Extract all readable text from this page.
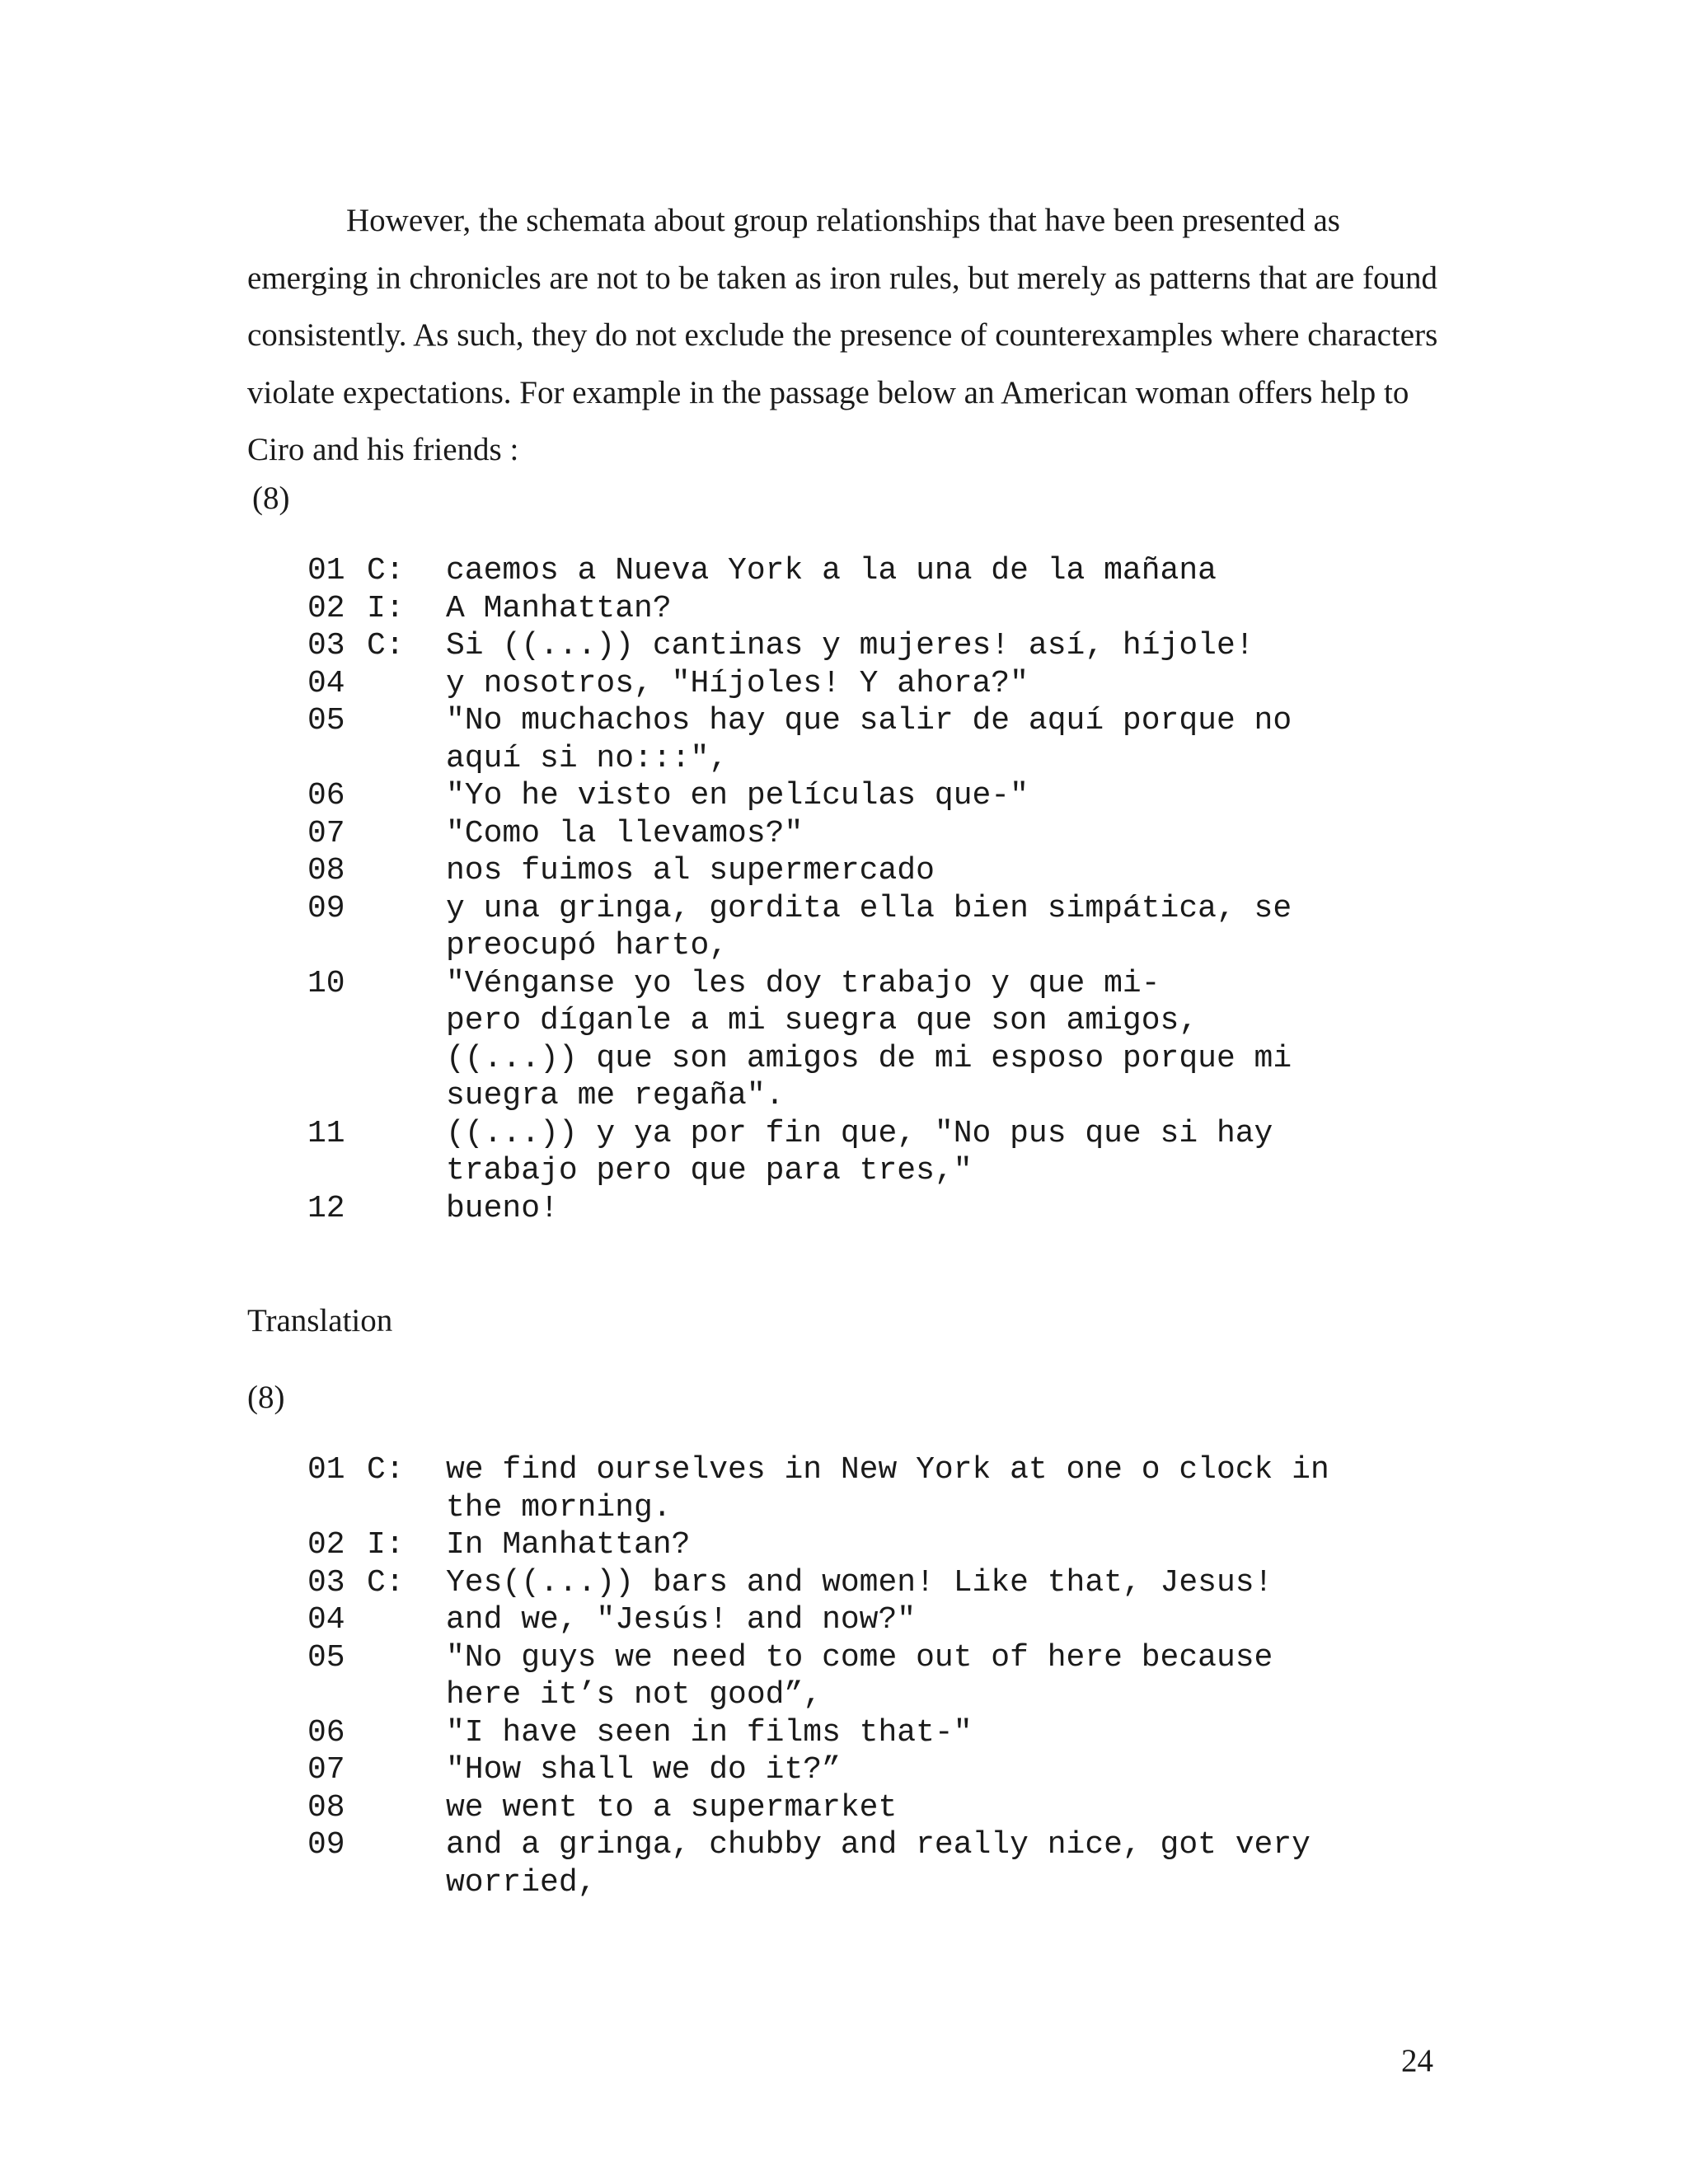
However, the schemata about group relationships that have been presented as emerging in chronicles are not to be taken as iron rules, but merely as patterns that are found consistently. As such, they do not exclude the presence of counterexamples where characters violate expectations. For example in the passage below an American woman offers help to Ciro and his friends :

(8)
01 C: caemos a Nueva York a la una de la mañana
02 I: A Manhattan?
03 C: Si ((...)) cantinas y mujeres! así, híjole!
04	y nosotros, "Híjoles! Y ahora?"
05	"No muchachos hay que salir de aquí porque no
aquí si no:::",
06	"Yo he visto en películas que-"
07	"Como la llevamos?"
08	nos fuimos al supermercado
09	y una gringa, gordita ella bien simpática, se
preocupó harto,
10	"Vénganse yo les doy trabajo y que mi-
pero díganle a mi suegra que son amigos,
((...)) que son amigos de mi esposo porque mi
suegra me regaña".
11	((...)) y ya por fin que, "No pus que si hay
trabajo pero que para tres,"
12	bueno!
Translation
(8)
01 C: we find ourselves in New York at one o clock in
the morning.
02 I: In Manhattan?
03 C: Yes((...)) bars and women! Like that, Jesus!
04	and we, "Jesús! and now?"
05	"No guys we need to come out of here because
here it’s not good”,
06	"I have seen in films that-"
07	"How shall we do it?”
08	we went to a supermarket
09	and a gringa, chubby and really nice, got very
worried,
24
